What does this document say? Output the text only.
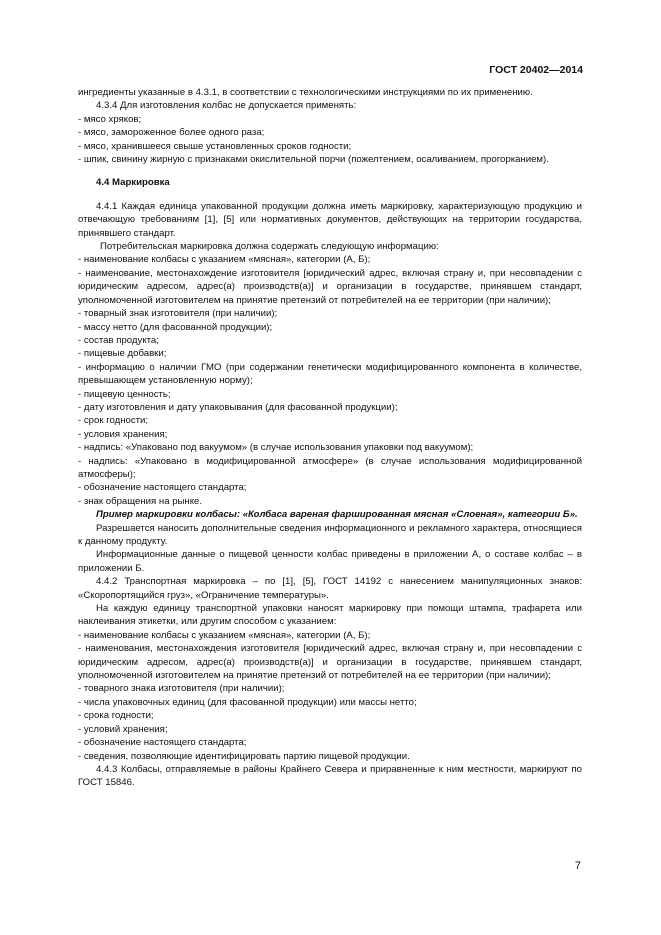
ГОСТ 20402—2014

ингредиенты указанные в 4.3.1, в соответствии с технологическими инструкциями по их применению.

4.3.4 Для изготовления колбас не допускается применять:

- мясо хряков;

- мясо, замороженное более одного раза;

- мясо, хранившееся свыше установленных сроков годности;

- шпик, свинину жирную с признаками окислительной порчи (пожелтением, осаливанием, прогорканием).

4.4 Маркировка

4.4.1 Каждая единица упакованной продукции должна иметь маркировку, характеризующую продукцию и отвечающую требованиям [1], [5] или нормативных документов, действующих на территории государства, принявшего стандарт.

Потребительская маркировка должна содержать следующую информацию:

- наименование колбасы с указанием «мясная», категории (А, Б);

- наименование, местонахождение изготовителя [юридический адрес, включая страну и, при несовпадении с юридическим адресом, адрес(а) производств(а)] и организации в государстве, принявшем стандарт, уполномоченной изготовителем на принятие претензий от потребителей на ее территории (при наличии);

- товарный знак изготовителя (при наличии);

- массу нетто (для фасованной продукции);

- состав продукта;

- пищевые добавки;

- информацию о наличии ГМО (при содержании генетически модифицированного компонента в количестве, превышающем установленную норму);

- пищевую ценность;

- дату изготовления и дату упаковывания (для фасованной продукции);

- срок годности;

- условия хранения;

- надпись: «Упаковано под вакуумом» (в случае использования упаковки под вакуумом);

- надпись: «Упаковано в модифицированной атмосфере» (в случае использования модифицированной атмосферы);

- обозначение настоящего стандарта;

- знак обращения на рынке.

Пример маркировки колбасы: «Колбаса вареная фаршированная мясная «Слоеная», категории Б».

Разрешается наносить дополнительные сведения информационного и рекламного характера, относящиеся к данному продукту.

Информационные данные о пищевой ценности колбас приведены в приложении А, о составе колбас – в приложении Б.

4.4.2 Транспортная маркировка – по [1], [5], ГОСТ 14192 с нанесением манипуляционных знаков: «Скоропортящийся груз», «Ограничение температуры».

На каждую единицу транспортной упаковки наносят маркировку при помощи штампа, трафарета или наклеивания этикетки, или другим способом с указанием:

- наименование колбасы с указанием «мясная», категории (А, Б);

- наименования, местонахождения изготовителя [юридический адрес, включая страну и, при несовпадении с юридическим адресом, адрес(а) производств(а)] и организации в государстве, принявшем стандарт, уполномоченной изготовителем на принятие претензий от потребителей на ее территории (при наличии);

- товарного знака изготовителя (при наличии);

- числа упаковочных единиц (для фасованной продукции) или массы нетто;

- срока годности;

- условий хранения;

- обозначение настоящего стандарта;

- сведения, позволяющие идентифицировать партию пищевой продукции.

4.4.3 Колбасы, отправляемые в районы Крайнего Севера и приравненные к ним местности, маркируют по ГОСТ 15846.

7
